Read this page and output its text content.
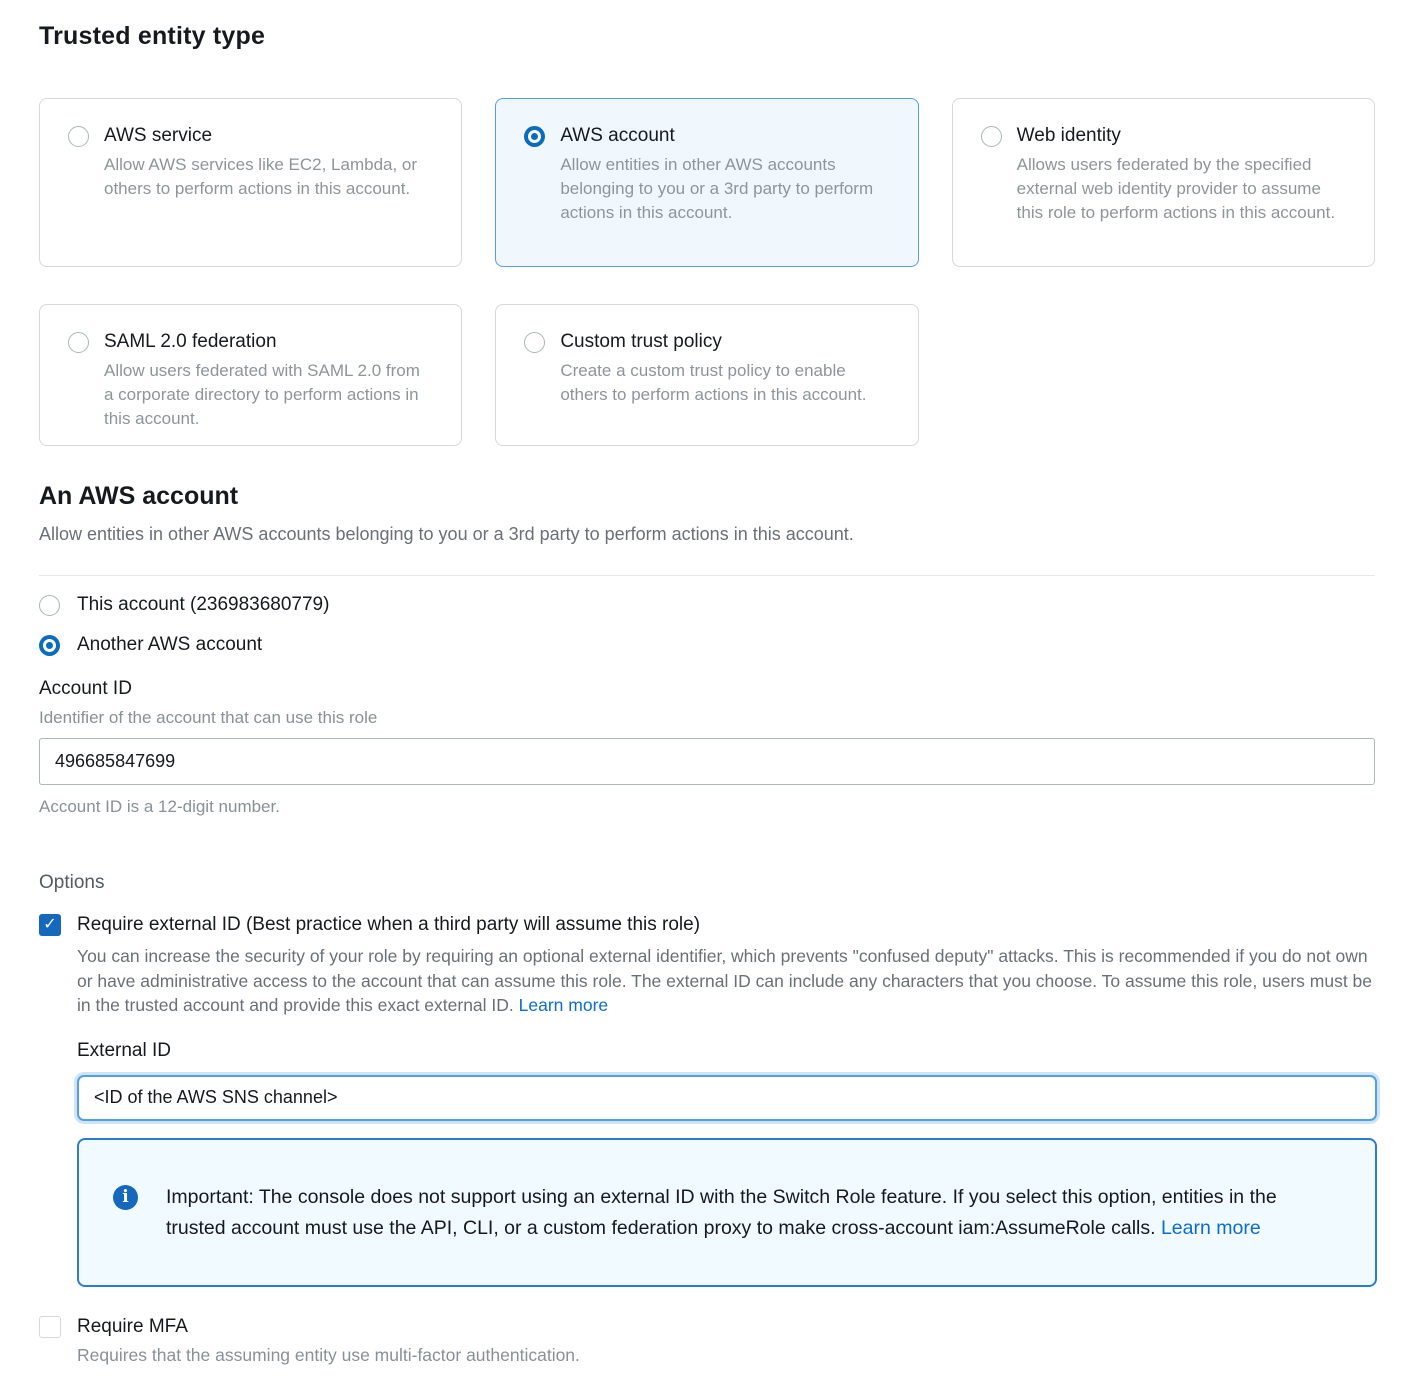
Trusted entity type
AWS service
Allow AWS services like EC2, Lambda, or others to perform actions in this account.
AWS account
Allow entities in other AWS accounts belonging to you or a 3rd party to perform actions in this account.
Web identity
Allows users federated by the specified external web identity provider to assume this role to perform actions in this account.
SAML 2.0 federation
Allow users federated with SAML 2.0 from a corporate directory to perform actions in this account.
Custom trust policy
Create a custom trust policy to enable others to perform actions in this account.
An AWS account
Allow entities in other AWS accounts belonging to you or a 3rd party to perform actions in this account.
This account (236983680779)
Another AWS account
Account ID
Identifier of the account that can use this role
496685847699
Account ID is a 12-digit number.
Options
✓ Require external ID (Best practice when a third party will assume this role)
You can increase the security of your role by requiring an optional external identifier, which prevents "confused deputy" attacks. This is recommended if you do not own or have administrative access to the account that can assume this role. The external ID can include any characters that you choose. To assume this role, users must be in the trusted account and provide this exact external ID. Learn more
External ID
<ID of the AWS SNS channel>
i	Important: The console does not support using an external ID with the Switch Role feature. If you select this option, entities in the trusted account must use the API, CLI, or a custom federation proxy to make cross-account iam:AssumeRole calls. Learn more
Require MFA
Requires that the assuming entity use multi-factor authentication.
